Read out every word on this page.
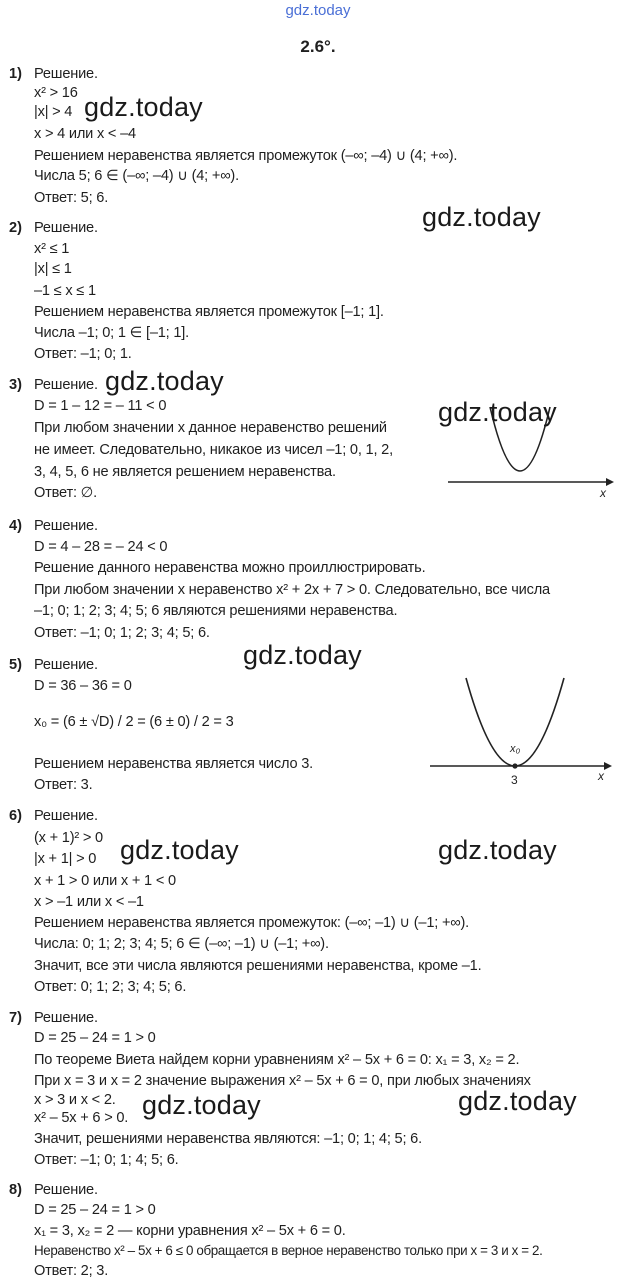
gdz.today
2.6°.
1) Решение.
x² > 16
|x| > 4
x > 4 или x < –4
Решением неравенства является промежуток (–∞; –4) ∪ (4; +∞).
Числа 5; 6 ∈ (–∞; –4) ∪ (4; +∞).
Ответ: 5; 6.
2) Решение.
x² ≤ 1
|x| ≤ 1
–1 ≤ x ≤ 1
Решением неравенства является промежуток [–1; 1].
Числа –1; 0; 1 ∈ [–1; 1].
Ответ: –1; 0; 1.
3) Решение.
D = 1 – 12 = – 11 < 0
При любом значении x данное неравенство решений
не имеет. Следовательно, никакое из чисел –1; 0, 1, 2,
3, 4, 5, 6 не является решением неравенства.
Ответ: ∅.	x
4) Решение.
D = 4 – 28 = – 24 < 0
Решение данного неравенства можно проиллюстрировать.
При любом значении x неравенство x² + 2x + 7 > 0. Следовательно, все числа
–1; 0; 1; 2; 3; 4; 5; 6 являются решениями неравенства.
Ответ: –1; 0; 1; 2; 3; 4; 5; 6.
5) Решение.
D = 36 – 36 = 0
x₀ = (6 ± √D) / 2 = (6 ± 0) / 2 = 3
Решением неравенства является число 3.
Ответ: 3.
x₀
3	x
6) Решение.
(x + 1)² > 0
|x + 1| > 0
x + 1 > 0 или x + 1 < 0
x > –1 или x < –1
Решением неравенства является промежуток: (–∞; –1) ∪ (–1; +∞).
Числа: 0; 1; 2; 3; 4; 5; 6 ∈ (–∞; –1) ∪ (–1; +∞).
Значит, все эти числа являются решениями неравенства, кроме –1.
Ответ: 0; 1; 2; 3; 4; 5; 6.
7) Решение.
D = 25 – 24 = 1 > 0
По теореме Виета найдем корни уравнениям x² – 5x + 6 = 0: x₁ = 3, x₂ = 2.
При x = 3 и x = 2 значение выражения x² – 5x + 6 = 0, при любых значениях
x > 3 и x < 2.
x² – 5x + 6 > 0.
Значит, решениями неравенства являются: –1; 0; 1; 4; 5; 6.
Ответ: –1; 0; 1; 4; 5; 6.
8) Решение.
D = 25 – 24 = 1 > 0
x₁ = 3, x₂ = 2 — корни уравнения x² – 5x + 6 = 0.
Неравенство x² – 5x + 6 ≤ 0 обращается в верное неравенство только при x = 3 и x = 2.
Ответ: 2; 3.
gdz.today
gdz.today
gdz.today
gdz.today
gdz.today
gdz.today	gdz.today
gdz.today	gdz.today
